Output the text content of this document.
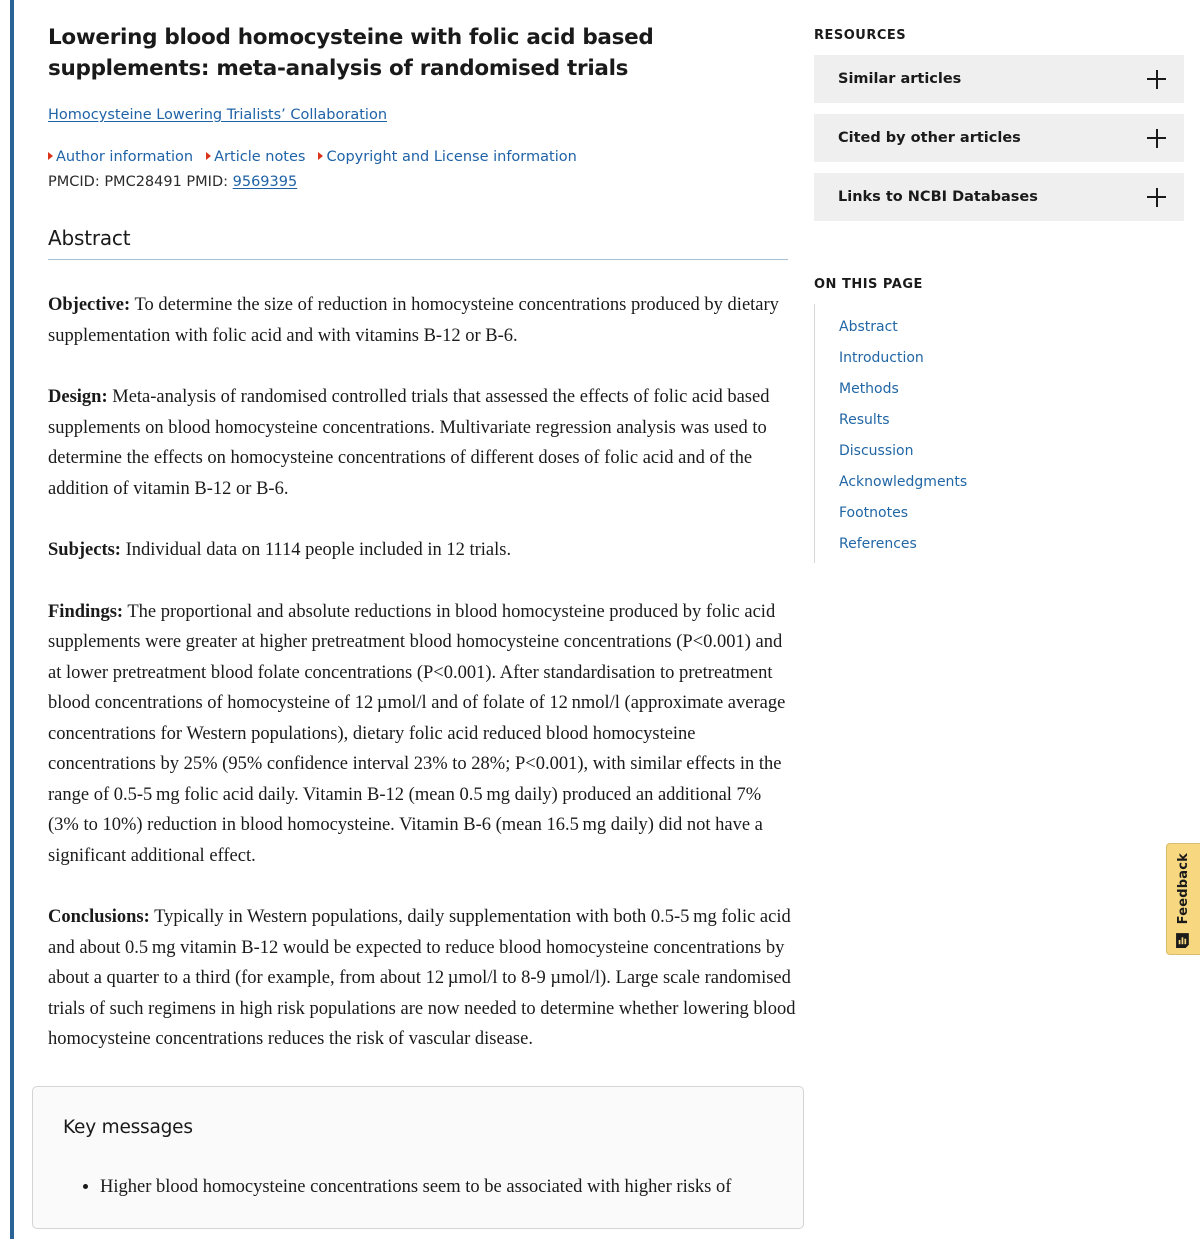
Lowering blood homocysteine with folic acid based supplements: meta-analysis of randomised trials
Homocysteine Lowering Trialists’ Collaboration
Author information Article notes Copyright and License information
PMCID: PMC28491 PMID: 9569395
Abstract

Objective: To determine the size of reduction in homocysteine concentrations produced by dietary supplementation with folic acid and with vitamins B-12 or B-6.

Design: Meta-analysis of randomised controlled trials that assessed the effects of folic acid based supplements on blood homocysteine concentrations. Multivariate regression analysis was used to determine the effects on homocysteine concentrations of different doses of folic acid and of the addition of vitamin B-12 or B-6.

Subjects: Individual data on 1114 people included in 12 trials.

Findings: The proportional and absolute reductions in blood homocysteine produced by folic acid supplements were greater at higher pretreatment blood homocysteine concentrations (P<0.001) and at lower pretreatment blood folate concentrations (P<0.001). After standardisation to pretreatment blood concentrations of homocysteine of 12 µmol/l and of folate of 12 nmol/l (approximate average concentrations for Western populations), dietary folic acid reduced blood homocysteine concentrations by 25% (95% confidence interval 23% to 28%; P<0.001), with similar effects in the range of 0.5-5 mg folic acid daily. Vitamin B-12 (mean 0.5 mg daily) produced an additional 7% (3% to 10%) reduction in blood homocysteine. Vitamin B-6 (mean 16.5 mg daily) did not have a significant additional effect.

Conclusions: Typically in Western populations, daily supplementation with both 0.5-5 mg folic acid and about 0.5 mg vitamin B-12 would be expected to reduce blood homocysteine concentrations by about a quarter to a third (for example, from about 12 µmol/l to 8-9 µmol/l). Large scale randomised trials of such regimens in high risk populations are now needed to determine whether lowering blood homocysteine concentrations reduces the risk of vascular disease.

Key messages
• Higher blood homocysteine concentrations seem to be associated with higher risks of
RESOURCES
Similar articles
Cited by other articles
Links to NCBI Databases
ON THIS PAGE
Abstract
Introduction
Methods
Results
Discussion
Acknowledgments
Footnotes
References
Feedback
